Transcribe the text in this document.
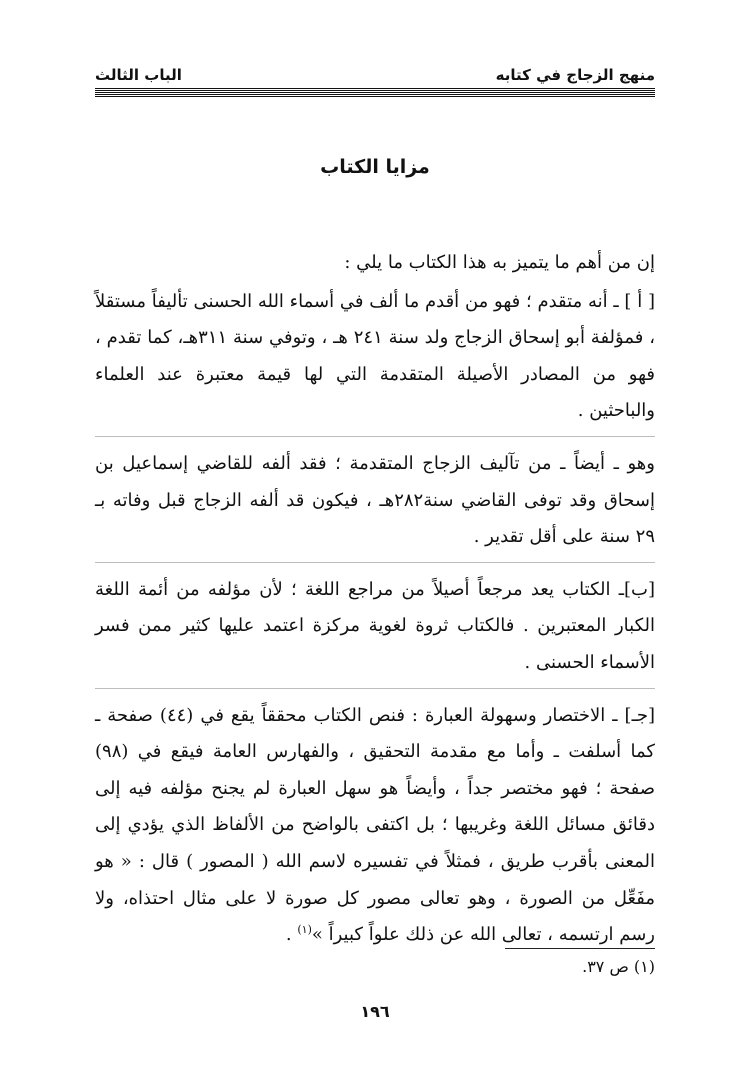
منهج الزجاج في كتابه
الباب الثالث
مزايا الكتاب

إن من أهم ما يتميز به هذا الكتاب ما يلي :

[ أ ] ـ أنه متقدم ؛ فهو من أقدم ما ألف في أسماء الله الحسنى تأليفاً مستقلاً ، فمؤلفة أبو إسحاق الزجاج ولد سنة ٢٤١ هـ ، وتوفي سنة ٣١١هـ، كما تقدم ، فهو من المصادر الأصيلة المتقدمة التي لها قيمة معتبرة عند العلماء والباحثين .

وهو ـ أيضاً ـ من تآليف الزجاج المتقدمة ؛ فقد ألفه للقاضي إسماعيل بن إسحاق وقد توفى القاضي سنة٢٨٢هـ ، فيكون قد ألفه الزجاج قبل وفاته بـ ٢٩ سنة على أقل تقدير .

[ب]ـ الكتاب يعد مرجعاً أصيلاً من مراجع اللغة ؛ لأن مؤلفه من أئمة اللغة الكبار المعتبرين . فالكتاب ثروة لغوية مركزة اعتمد عليها كثير ممن فسر الأسماء الحسنى .

[جـ] ـ الاختصار وسهولة العبارة : فنص الكتاب محققاً يقع في (٤٤) صفحة ـ كما أسلفت ـ وأما مع مقدمة التحقيق ، والفهارس العامة فيقع في (٩٨) صفحة ؛ فهو مختصر جداً ، وأيضاً هو سهل العبارة لم يجنح مؤلفه فيه إلى دقائق مسائل اللغة وغريبها ؛ بل اكتفى بالواضح من الألفاظ الذي يؤدي إلى المعنى بأقرب طريق ، فمثلاً في تفسيره لاسم الله ( المصور ) قال : « هو مفَعِّل من الصورة ، وهو تعالى مصور كل صورة لا على مثال احتذاه، ولا رسم ارتسمه ، تعالى الله عن ذلك علواً كبيراً »$^{(١)}$ .

(١) ص ٣٧.
١٩٦
